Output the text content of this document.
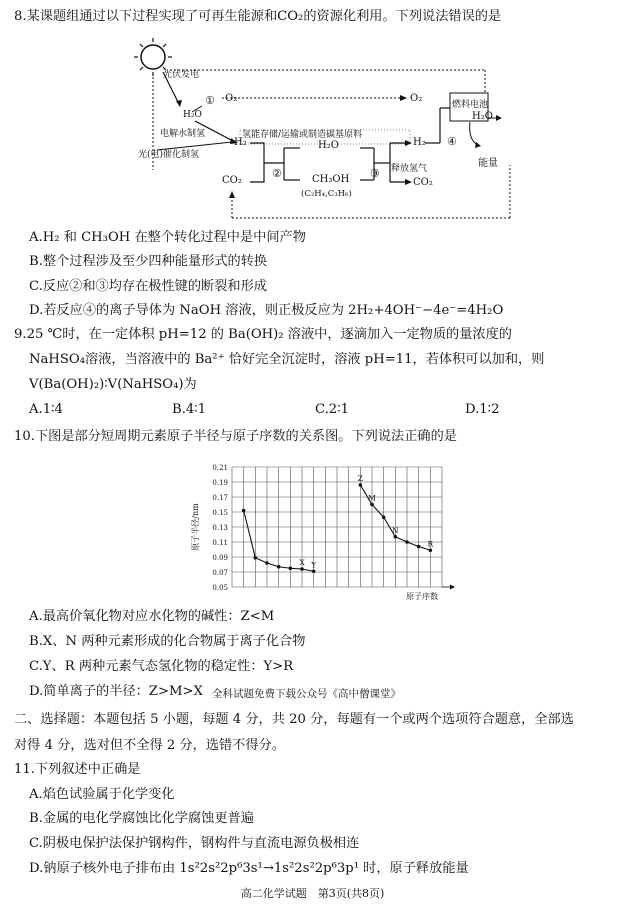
8.某课题组通过以下过程实现了可再生能源和CO₂的资源化利用。下列说法错误的是
光伏发电
H₂O
电解水制氢
① O₂	O₂
燃料电池
H₂O
④
能量
光(电)催化制氢
H₂
氢能存储/运输或制造碳基原料
H₂O
②	CH₃OH
(C₂H₄,C₃H₆)
③ 释放氢气
H₂
CO₂	CO₂
A.H₂ 和 CH₃OH 在整个转化过程中是中间产物
B.整个过程涉及至少四种能量形式的转换
C.反应②和③均存在极性键的断裂和形成
D.若反应④的离子导体为 NaOH 溶液，则正极反应为 2H₂+4OH⁻−4e⁻=4H₂O
9.25 ℃时，在一定体积 pH=12 的 Ba(OH)₂ 溶液中，逐滴加入一定物质的量浓度的
NaHSO₄溶液，当溶液中的 Ba²⁺ 恰好完全沉淀时，溶液 pH=11，若体积可以加和，则
V(Ba(OH)₂)∶V(NaHSO₄)为
A.1∶4	B.4∶1	C.2∶1	D.1∶2
10.下图是部分短周期元素原子半径与原子序数的关系图。下列说法正确的是
0.21
0.19
0.17
0.15
0.13
0.11
0.09
0.07
0.05
原子半径/nm
原子序数
X Y
Z
M
N
R
A.最高价氧化物对应水化物的碱性：Z<M
B.X、N 两种元素形成的化合物属于离子化合物
C.Y、R 两种元素气态氢化物的稳定性：Y>R
D.简单离子的半径：Z>M>X 全科试题免费下载公众号《高中僧课堂》
二、选择题：本题包括 5 小题，每题 4 分，共 20 分，每题有一个或两个选项符合题意，全部选
对得 4 分，选对但不全得 2 分，选错不得分。
11.下列叙述中正确是
A.焰色试验属于化学变化
B.金属的电化学腐蚀比化学腐蚀更普遍
C.阴极电保护法保护钢构件，钢构件与直流电源负极相连
D.钠原子核外电子排布由 1s²2s²2p⁶3s¹→1s²2s²2p⁶3p¹ 时，原子释放能量
高二化学试题　第3页(共8页)
